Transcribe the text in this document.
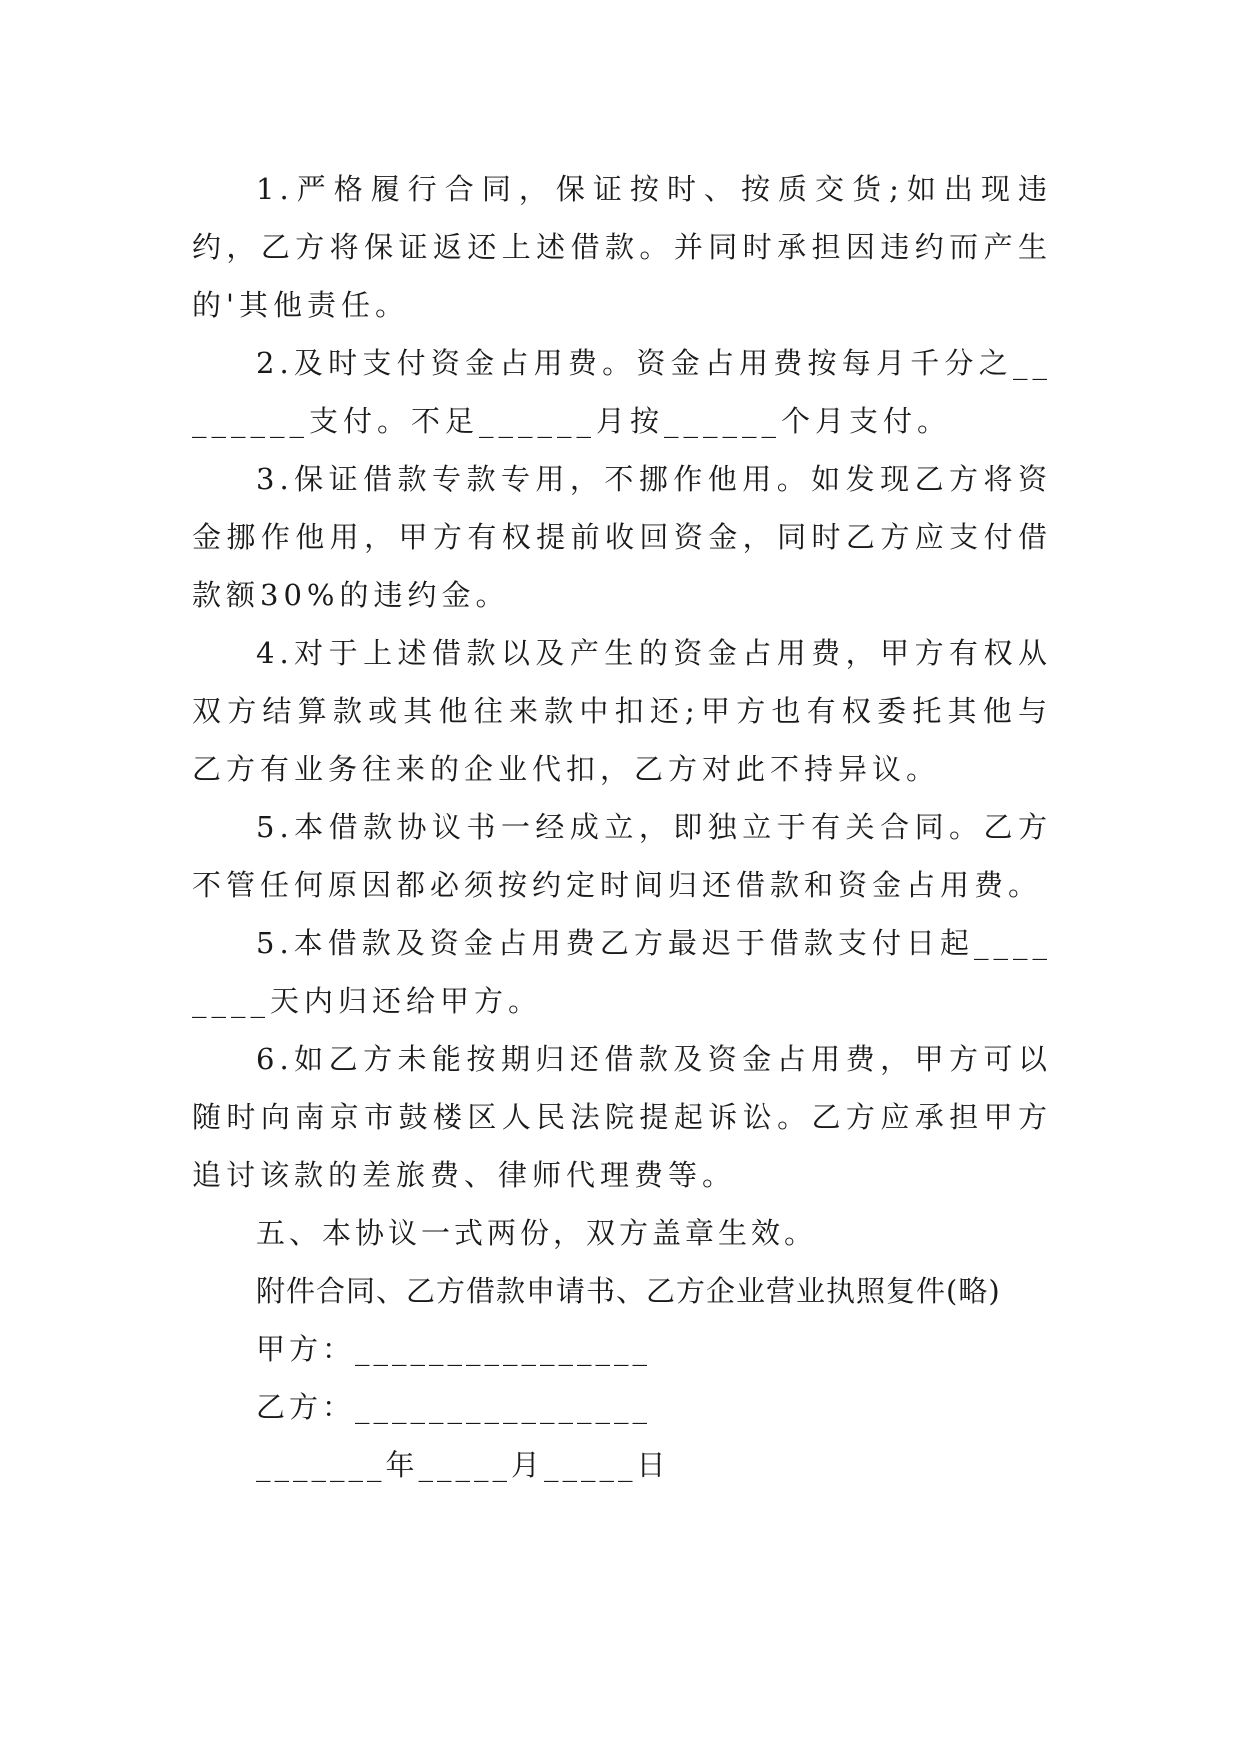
1.严格履行合同，保证按时、按质交货;如出现违约，乙方将保证返还上述借款。并同时承担因违约而产生的'其他责任。

2.及时支付资金占用费。资金占用费按每月千分之________支付。不足______月按______个月支付。

3.保证借款专款专用，不挪作他用。如发现乙方将资金挪作他用，甲方有权提前收回资金，同时乙方应支付借款额30%的违约金。

4.对于上述借款以及产生的资金占用费，甲方有权从双方结算款或其他往来款中扣还;甲方也有权委托其他与乙方有业务往来的企业代扣，乙方对此不持异议。

5.本借款协议书一经成立，即独立于有关合同。乙方不管任何原因都必须按约定时间归还借款和资金占用费。

5.本借款及资金占用费乙方最迟于借款支付日起________天内归还给甲方。

6.如乙方未能按期归还借款及资金占用费，甲方可以随时向南京市鼓楼区人民法院提起诉讼。乙方应承担甲方追讨该款的差旅费、律师代理费等。

五、本协议一式两份，双方盖章生效。

附件合同、乙方借款申请书、乙方企业营业执照复件(略)

甲方：________________

乙方：________________

_______年_____月_____日
